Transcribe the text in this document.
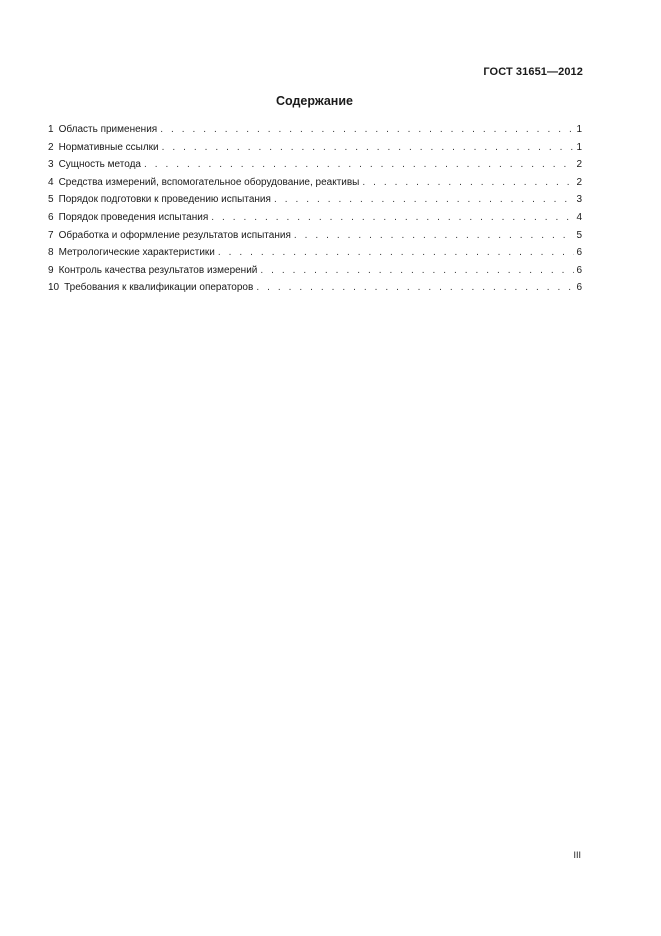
ГОСТ 31651—2012
Содержание
1 Область применения . . .	1
2 Нормативные ссылки . . .	1
3 Сущность метода . . .	2
4 Средства измерений, вспомогательное оборудование, реактивы . . .	2
5 Порядок подготовки к проведению испытания . . .	3
6 Порядок проведения испытания . . .	4
7 Обработка и оформление результатов испытания . . .	5
8 Метрологические характеристики . . .	6
9 Контроль качества результатов измерений . . .	6
10 Требования к квалификации операторов . . .	6
III
